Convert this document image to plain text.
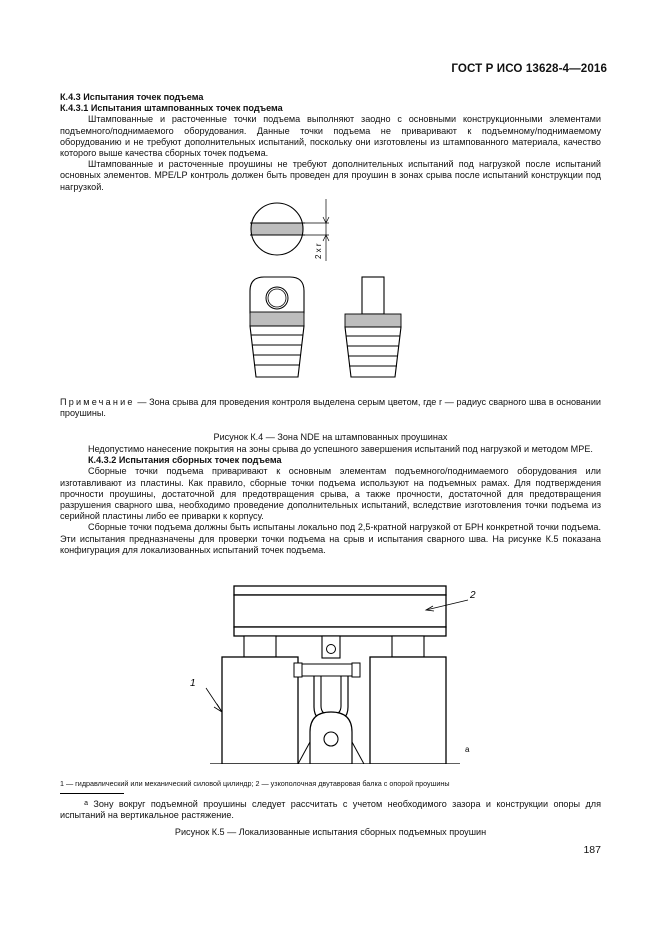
ГОСТ Р ИСО 13628-4—2016

К.4.3 Испытания точек подъема

К.4.3.1 Испытания штампованных точек подъема

Штампованные и расточенные точки подъема выполняют заодно с основными конструкционными элементами подъемного/поднимаемого оборудования. Данные точки подъема не приваривают к подъемному/поднимаемому оборудованию и не требуют дополнительных испытаний, поскольку они изготовлены из штампованного материала, качество которого выше качества сборных точек подъема.

Штампованные и расточенные проушины не требуют дополнительных испытаний под нагрузкой после испытаний основных элементов. MPE/LP контроль должен быть проведен для проушин в зонах срыва после испытаний конструкции под нагрузкой.

2 x r
Примечание — Зона срыва для проведения контроля выделена серым цветом, где r — радиус сварного шва в основании проушины.
Рисунок К.4 — Зона NDE на штампованных проушинах

Недопустимо нанесение покрытия на зоны срыва до успешного завершения испытаний под нагрузкой и методом MPE.

К.4.3.2 Испытания сборных точек подъема

Сборные точки подъема приваривают к основным элементам подъемного/поднимаемого оборудования или изготавливают из пластины. Как правило, сборные точки подъема используют на подъемных рамах. Для подтверждения прочности проушины, достаточной для предотвращения срыва, а также прочности, достаточной для предотвращения разрушения сварного шва, необходимо проведение дополнительных испытаний, вследствие изготовления точки подъема из серийной пластины либо ее приварки к корпусу.

Сборные точки подъема должны быть испытаны локально под 2,5-кратной нагрузкой от БРН конкретной точки подъема. Эти испытания предназначены для проверки точки подъема на срыв и испытания сварного шва. На рисунке К.5 показана конфигурация для локализованных испытаний точек подъема.

1
2
a
1 — гидравлический или механический силовой цилиндр; 2 — узкополочная двутавровая балка с опорой проушины
a Зону вокруг подъемной проушины следует рассчитать с учетом необходимого зазора и конструкции опоры для испытаний на вертикальное растяжение.
Рисунок К.5 — Локализованные испытания сборных подъемных проушин
187
